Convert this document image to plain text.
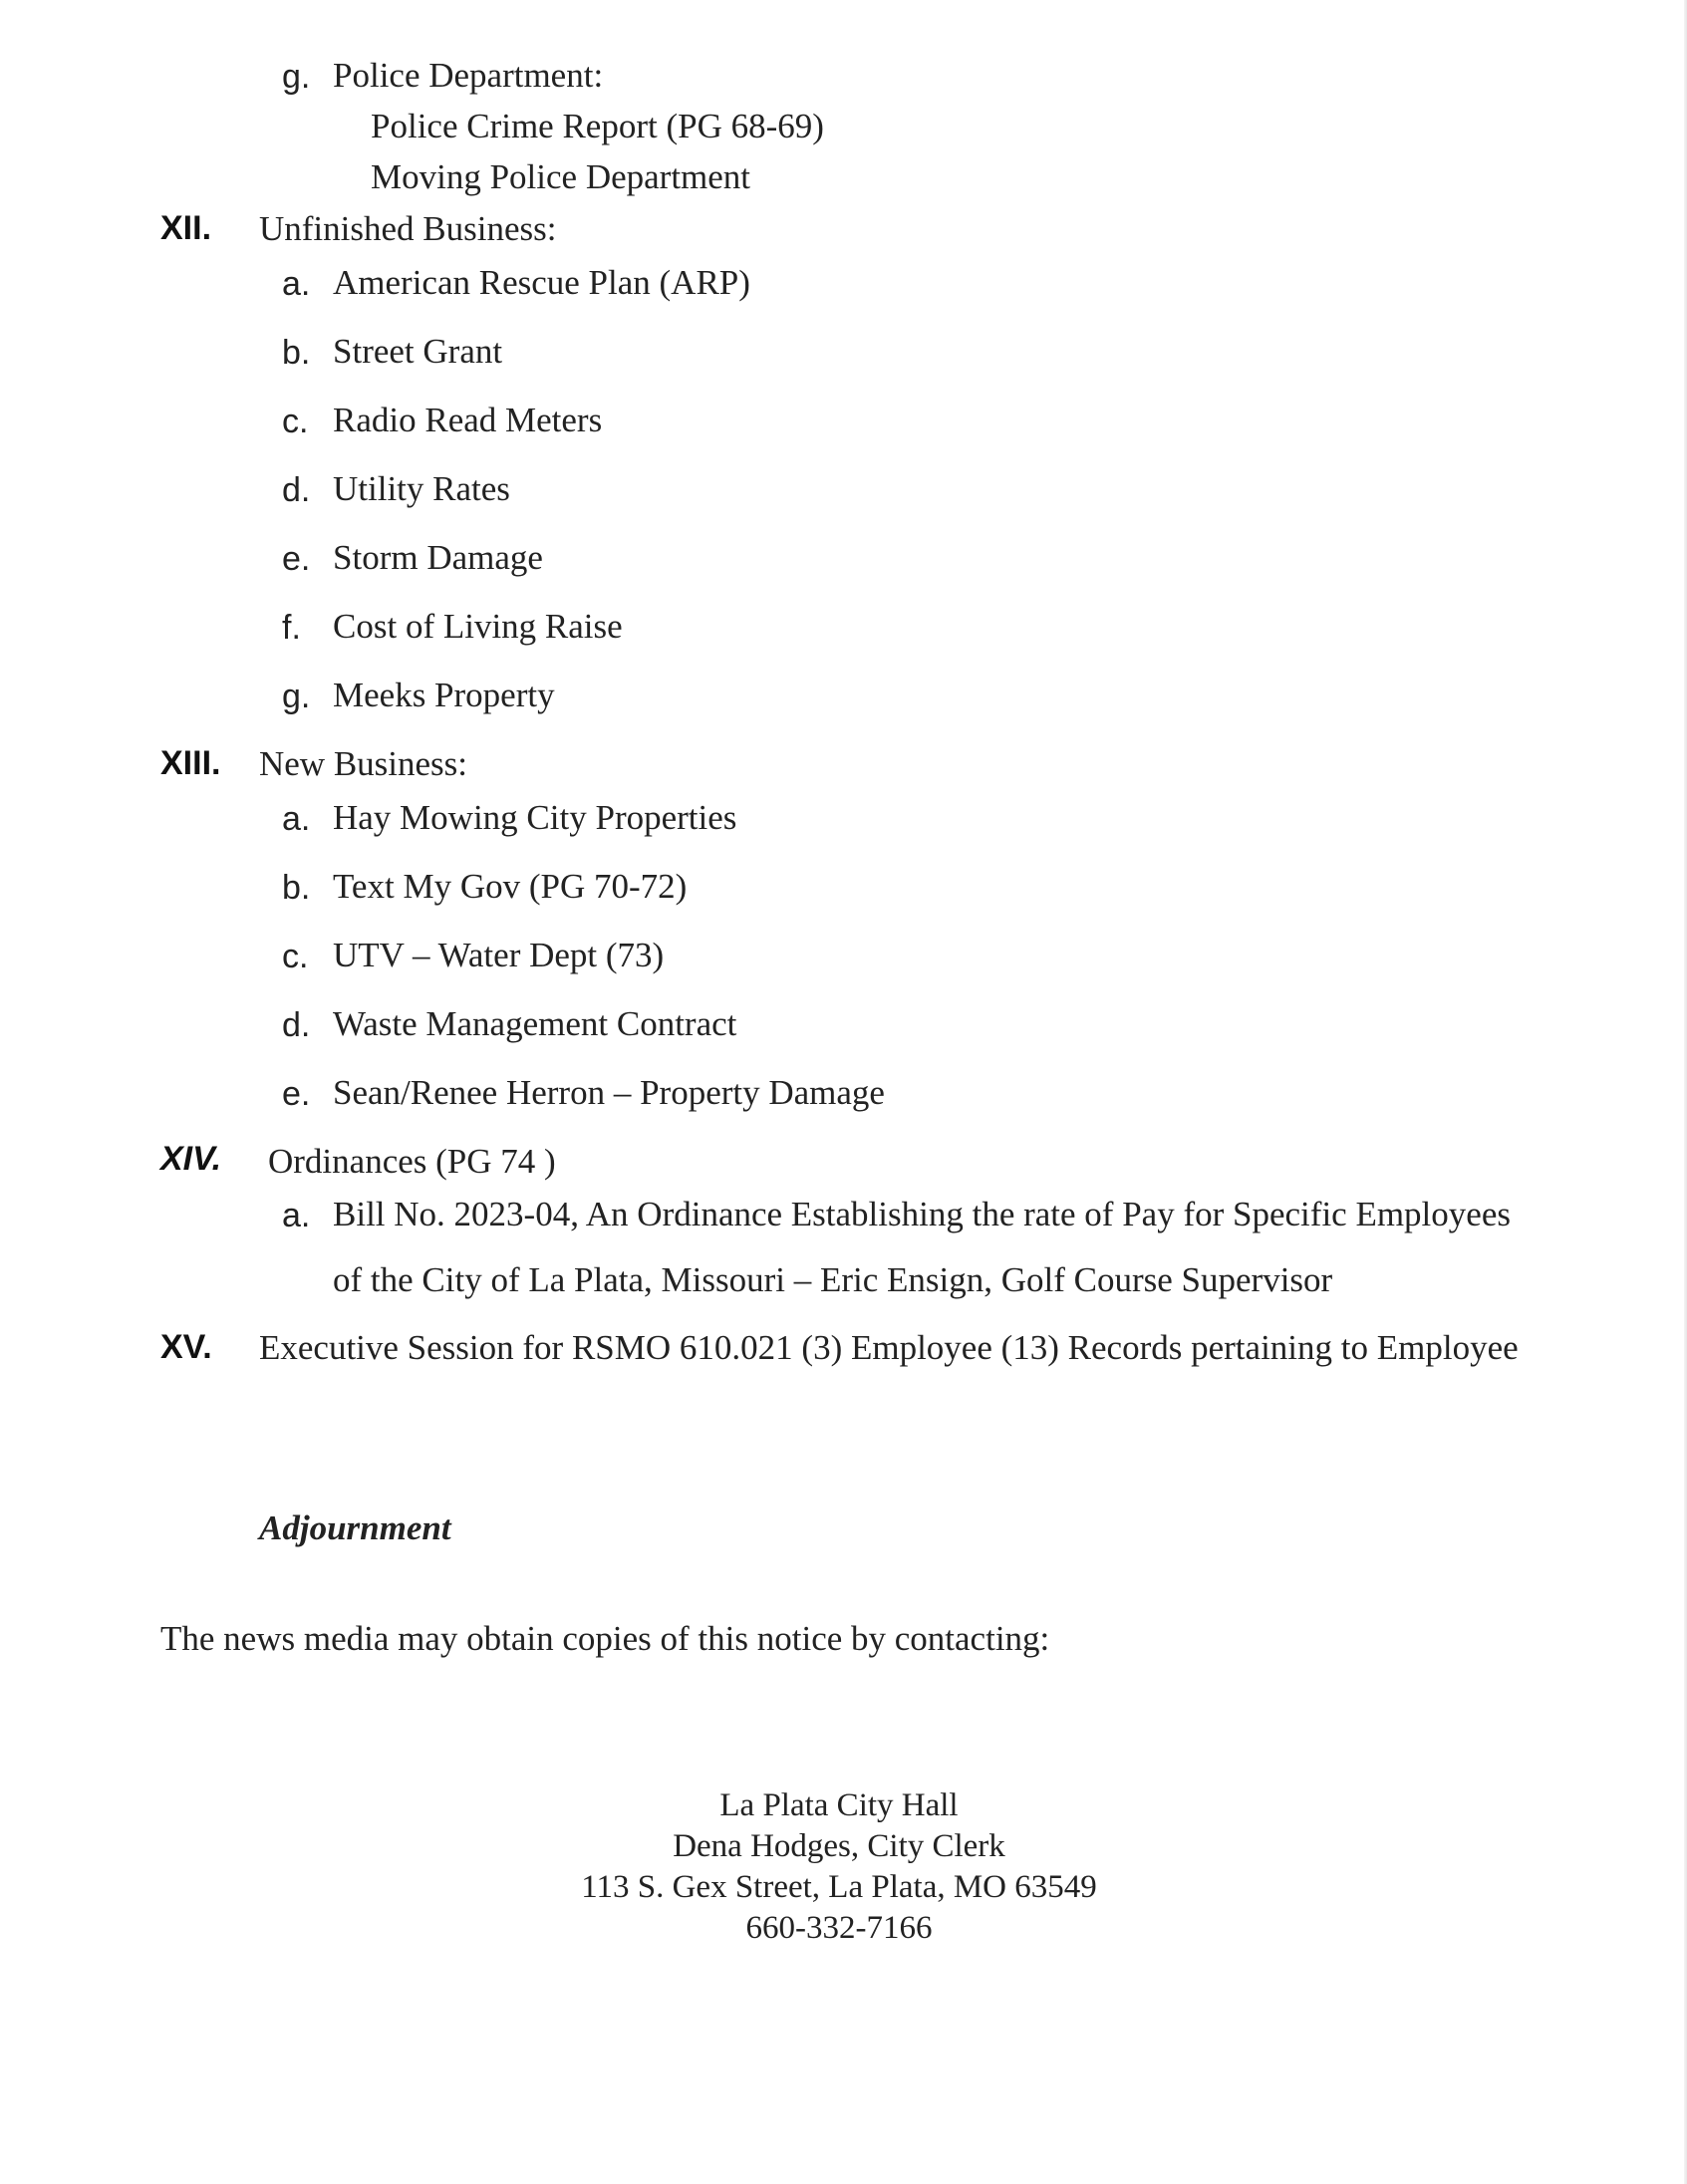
g. Police Department:
Police Crime Report (PG 68-69)
Moving Police Department
XII. Unfinished Business:
a. American Rescue Plan (ARP)
b. Street Grant
c. Radio Read Meters
d. Utility Rates
e. Storm Damage
f. Cost of Living Raise
g. Meeks Property
XIII. New Business:
a. Hay Mowing City Properties
b. Text My Gov (PG 70-72)
c. UTV – Water Dept (73)
d. Waste Management Contract
e. Sean/Renee Herron – Property Damage
XIV. Ordinances (PG 74 )
a. Bill No. 2023-04, An Ordinance Establishing the rate of Pay for Specific Employees
of the City of La Plata, Missouri – Eric Ensign, Golf Course Supervisor
XV. Executive Session for RSMO 610.021 (3) Employee (13) Records pertaining to Employee
Adjournment
The news media may obtain copies of this notice by contacting:
La Plata City Hall
Dena Hodges, City Clerk
113 S. Gex Street, La Plata, MO 63549
660-332-7166
